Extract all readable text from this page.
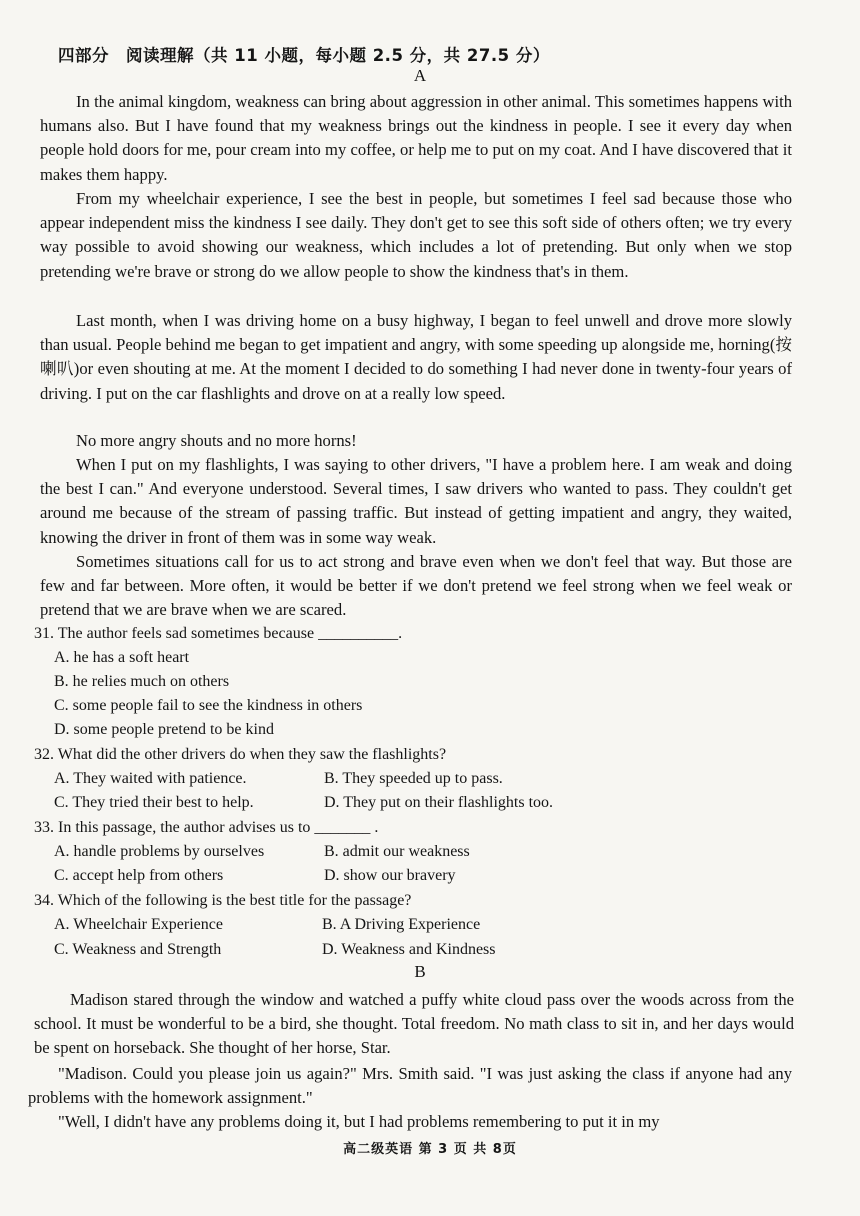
四部分　阅读理解（共 11 小题，每小题 2.5 分，共 27.5 分）
A

In the animal kingdom, weakness can bring about aggression in other animal. This sometimes happens with humans also. But I have found that my weakness brings out the kindness in people. I see it every day when people hold doors for me, pour cream into my coffee, or help me to put on my coat. And I have discovered that it makes them happy.

From my wheelchair experience, I see the best in people, but sometimes I feel sad because those who appear independent miss the kindness I see daily. They don't get to see this soft side of others often; we try every way possible to avoid showing our weakness, which includes a lot of pretending. But only when we stop pretending we're brave or strong do we allow people to show the kindness that's in them.

Last month, when I was driving home on a busy highway, I began to feel unwell and drove more slowly than usual. People behind me began to get impatient and angry, with some speeding up alongside me, horning(按喇叭)or even shouting at me. At the moment I decided to do something I had never done in twenty-four years of driving. I put on the car flashlights and drove on at a really low speed.

No more angry shouts and no more horns!

When I put on my flashlights, I was saying to other drivers, "I have a problem here. I am weak and doing the best I can." And everyone understood. Several times, I saw drivers who wanted to pass. They couldn't get around me because of the stream of passing traffic. But instead of getting impatient and angry, they waited, knowing the driver in front of them was in some way weak.

Sometimes situations call for us to act strong and brave even when we don't feel that way. But those are few and far between. More often, it would be better if we don't pretend we feel strong when we feel weak or pretend that we are brave when we are scared.

31. The author feels sad sometimes because __________.
A. he has a soft heart
B. he relies much on others
C. some people fail to see the kindness in others
D. some people pretend to be kind
32. What did the other drivers do when they saw the flashlights?
A. They waited with patience.	B. They speeded up to pass.
C. They tried their best to help.	D. They put on their flashlights too.
33. In this passage, the author advises us to _______ .
A. handle problems by ourselves	B. admit our weakness
C. accept help from others	D. show our bravery
34. Which of the following is the best title for the passage?
A. Wheelchair Experience	B. A Driving Experience
C. Weakness and Strength	D. Weakness and Kindness
B

Madison stared through the window and watched a puffy white cloud pass over the woods across from the school. It must be wonderful to be a bird, she thought. Total freedom. No math class to sit in, and her days would be spent on horseback. She thought of her horse, Star.

"Madison. Could you please join us again?" Mrs. Smith said. "I was just asking the class if anyone had any problems with the homework assignment."

"Well, I didn't have any problems doing it, but I had problems remembering to put it in my

高二级英语 第 3 页 共 8页
